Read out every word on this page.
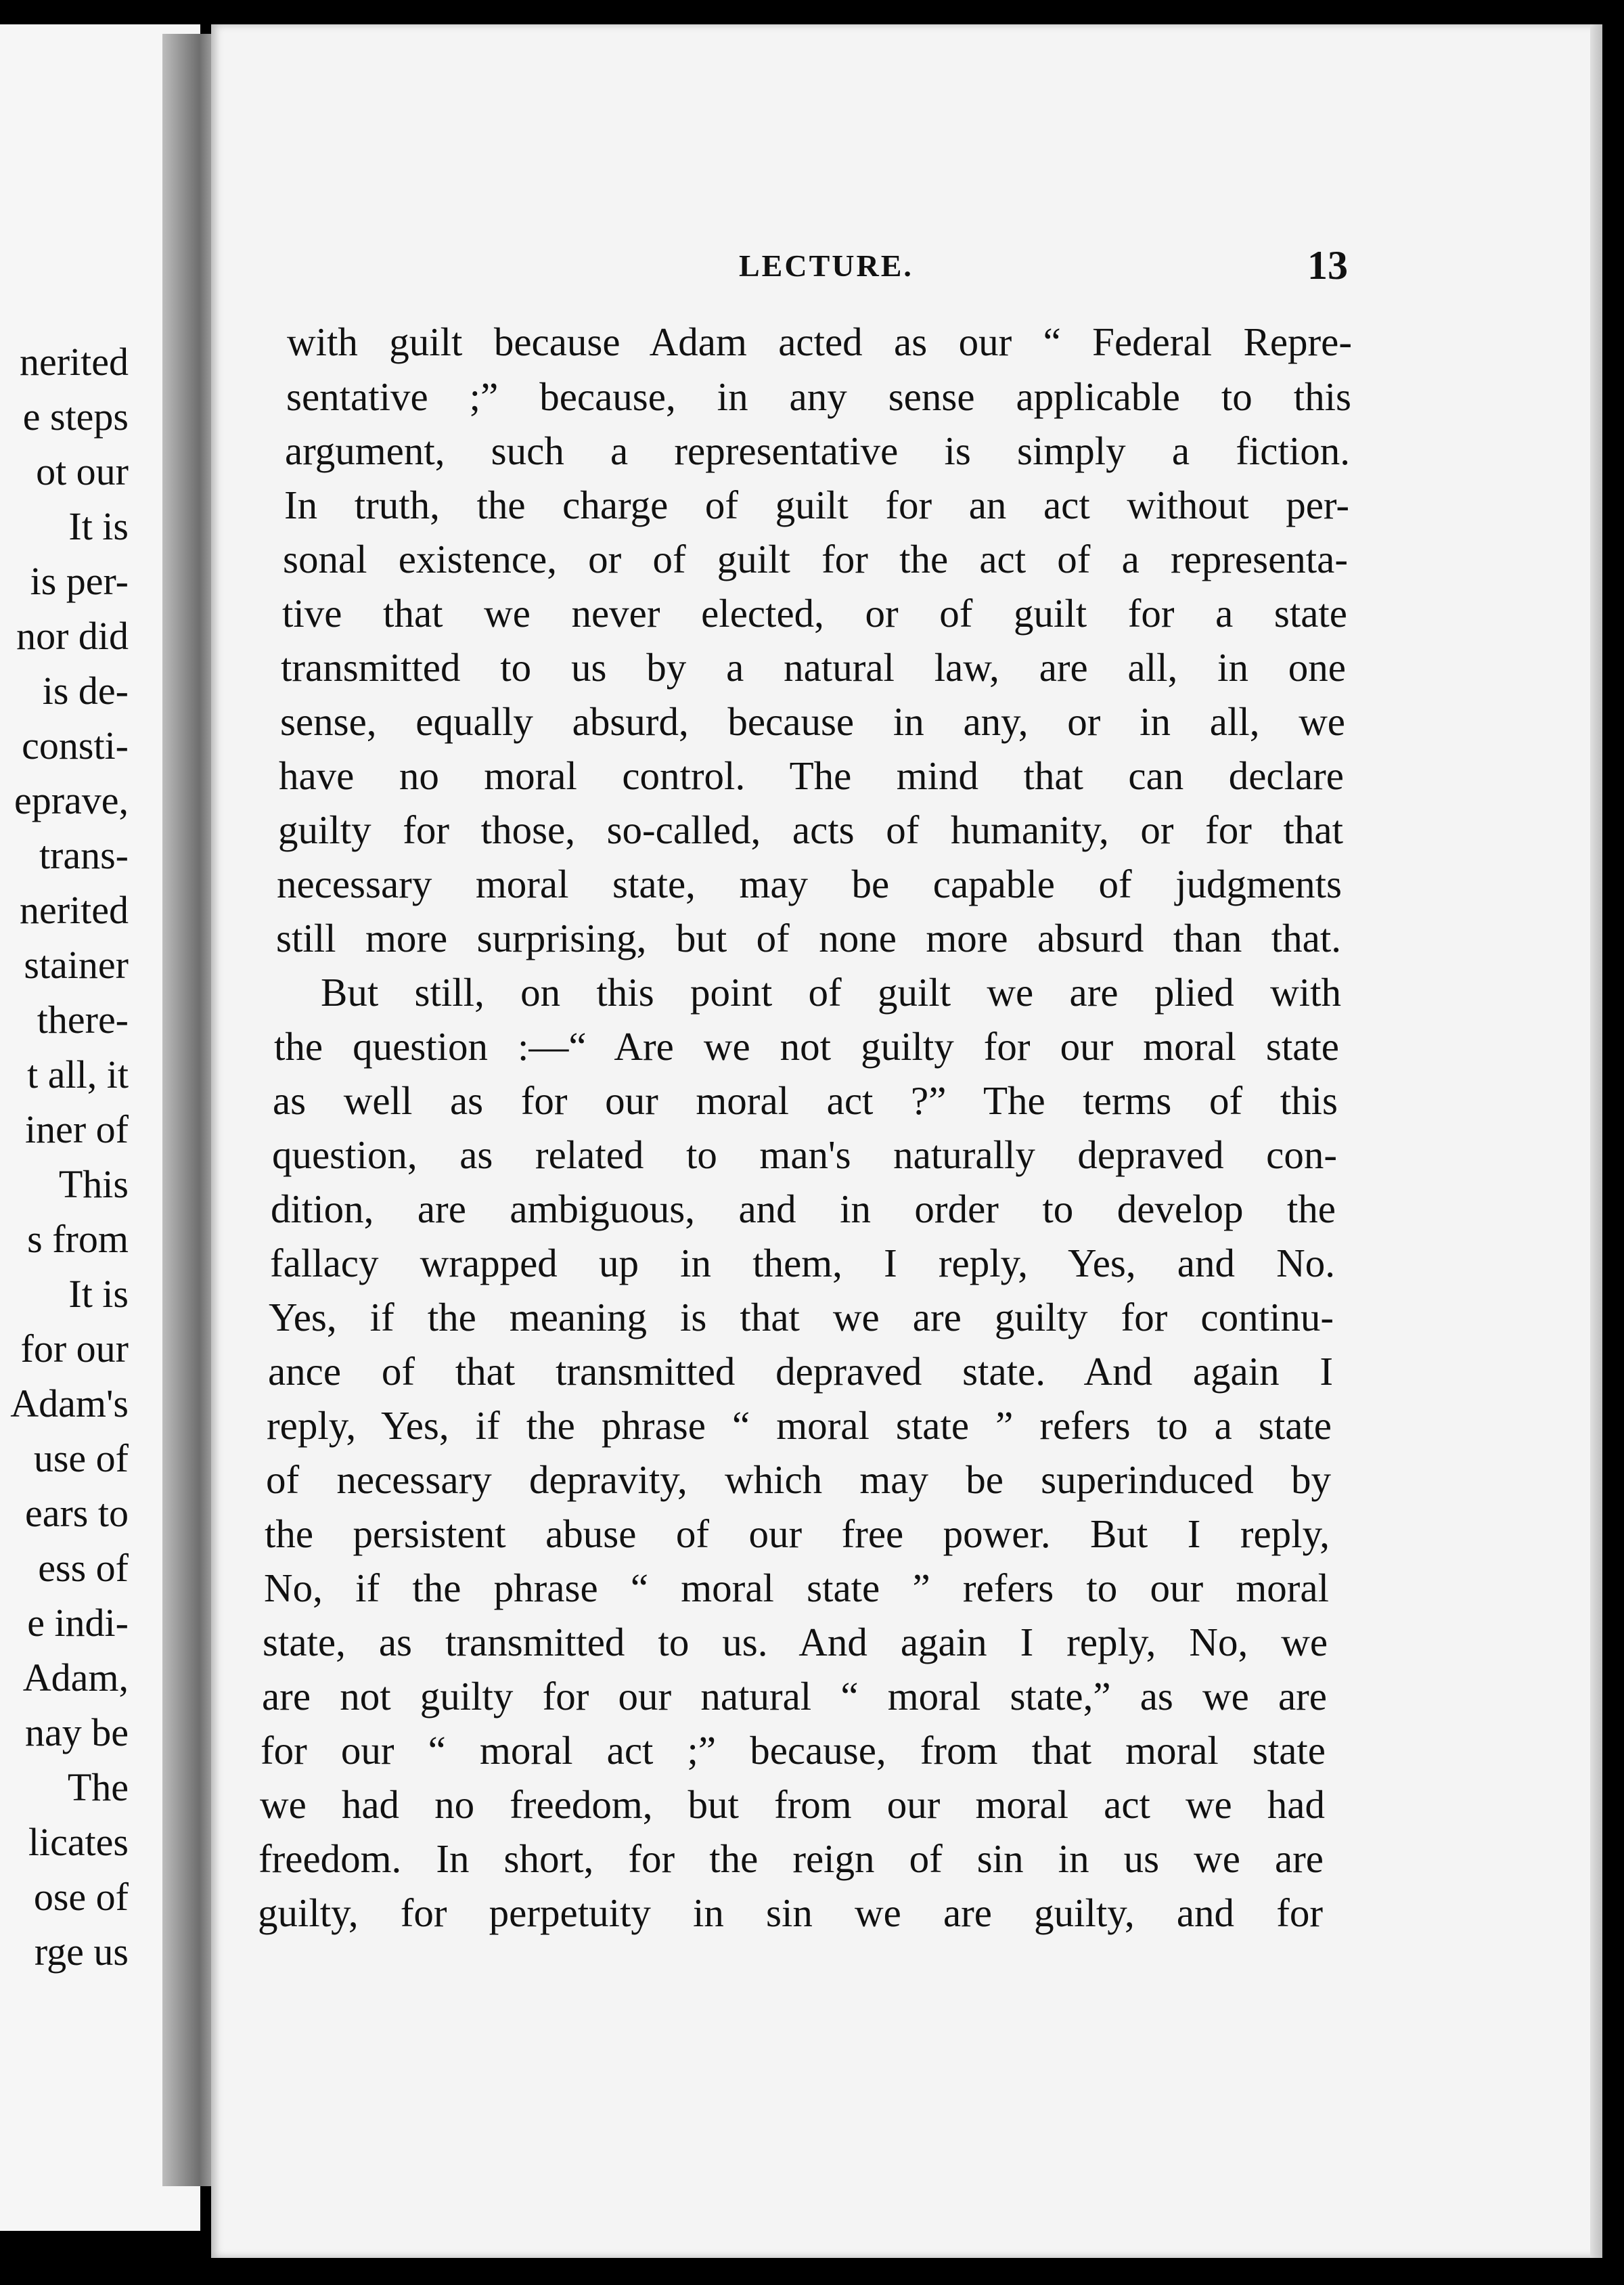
nerited
e steps
ot our
It is
is per-
nor did
is de-
consti-
eprave,
trans-
nerited
stainer
there-
t all, it
iner of
This
s from
It is
for our
Adam's
use of
ears to
ess of
e indi-
Adam,
nay be
The
licates
ose of
rge us
LECTURE.	13
with guilt because Adam acted as our “ Federal Repre-
sentative ;” because, in any sense applicable to this
argument, such a representative is simply a fiction.
In truth, the charge of guilt for an act without per-
sonal existence, or of guilt for the act of a representa-
tive that we never elected, or of guilt for a state
transmitted to us by a natural law, are all, in one
sense, equally absurd, because in any, or in all, we
have no moral control. The mind that can declare
guilty for those, so-called, acts of humanity, or for that
necessary moral state, may be capable of judgments
still more surprising, but of none more absurd than that.
But still, on this point of guilt we are plied with
the question :—“ Are we not guilty for our moral state
as well as for our moral act ?” The terms of this
question, as related to man's naturally depraved con-
dition, are ambiguous, and in order to develop the
fallacy wrapped up in them, I reply, Yes, and No.
Yes, if the meaning is that we are guilty for continu-
ance of that transmitted depraved state. And again I
reply, Yes, if the phrase “ moral state ” refers to a state
of necessary depravity, which may be superinduced by
the persistent abuse of our free power. But I reply,
No, if the phrase “ moral state ” refers to our moral
state, as transmitted to us. And again I reply, No, we
are not guilty for our natural “ moral state,” as we are
for our “ moral act ;” because, from that moral state
we had no freedom, but from our moral act we had
freedom. In short, for the reign of sin in us we are
guilty, for perpetuity in sin we are guilty, and for
